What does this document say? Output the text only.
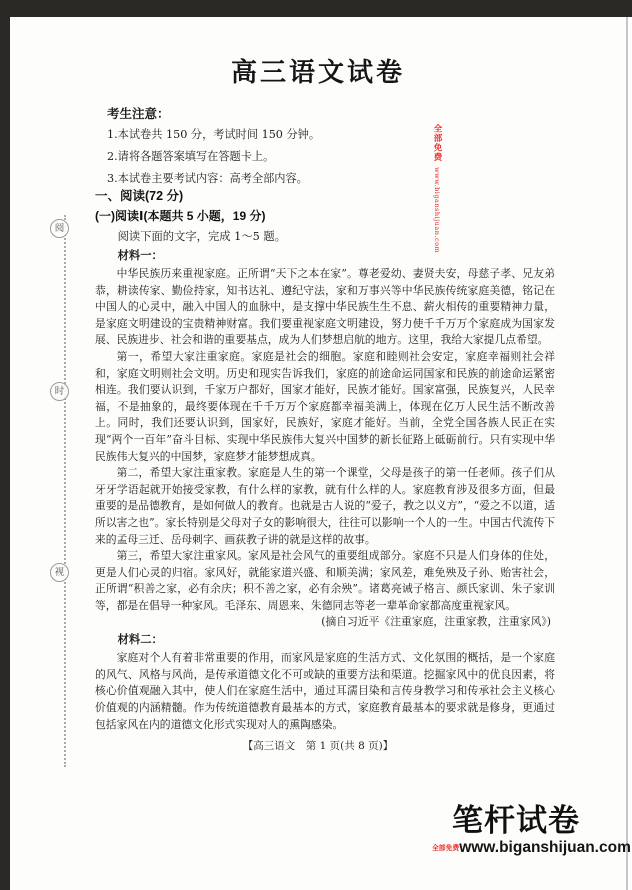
高三语文试卷
考生注意：
1.本试卷共 150 分，考试时间 150 分钟。
2.请将各题答案填写在答题卡上。
3.本试卷主要考试内容：高考全部内容。
一、阅读(72 分)
(一)阅读Ⅰ(本题共 5 小题，19 分)
阅读下面的文字，完成 1～5 题。
材料一：

中华民族历来重视家庭。正所谓“天下之本在家”。尊老爱幼、妻贤夫安，母慈子孝、兄友弟恭，耕读传家、勤俭持家，知书达礼、遵纪守法，家和万事兴等中华民族传统家庭美德，铭记在中国人的心灵中，融入中国人的血脉中，是支撑中华民族生生不息、薪火相传的重要精神力量，是家庭文明建设的宝贵精神财富。我们要重视家庭文明建设，努力使千千万万个家庭成为国家发展、民族进步、社会和谐的重要基点，成为人们梦想启航的地方。这里，我给大家提几点希望。

第一，希望大家注重家庭。家庭是社会的细胞。家庭和睦则社会安定，家庭幸福则社会祥和，家庭文明则社会文明。历史和现实告诉我们，家庭的前途命运同国家和民族的前途命运紧密相连。我们要认识到，千家万户都好，国家才能好，民族才能好。国家富强，民族复兴，人民幸福，不是抽象的，最终要体现在千千万万个家庭都幸福美满上，体现在亿万人民生活不断改善上。同时，我们还要认识到，国家好，民族好，家庭才能好。当前，全党全国各族人民正在实现“两个一百年”奋斗目标、实现中华民族伟大复兴中国梦的新长征路上砥砺前行。只有实现中华民族伟大复兴的中国梦，家庭梦才能梦想成真。

第二，希望大家注重家教。家庭是人生的第一个课堂，父母是孩子的第一任老师。孩子们从牙牙学语起就开始接受家教，有什么样的家教，就有什么样的人。家庭教育涉及很多方面，但最重要的是品德教育，是如何做人的教育。也就是古人说的“爱子，教之以义方”，“爱之不以道，适所以害之也”。家长特别是父母对子女的影响很大，往往可以影响一个人的一生。中国古代流传下来的孟母三迁、岳母刺字、画荻教子讲的就是这样的故事。

第三，希望大家注重家风。家风是社会风气的重要组成部分。家庭不只是人们身体的住处，更是人们心灵的归宿。家风好，就能家道兴盛、和顺美满；家风差，难免殃及子孙、贻害社会，正所谓“积善之家，必有余庆；积不善之家，必有余殃”。诸葛亮诫子格言、颜氏家训、朱子家训等，都是在倡导一种家风。毛泽东、周恩来、朱德同志等老一辈革命家都高度重视家风。

(摘自习近平《注重家庭，注重家教，注重家风》)
材料二：

家庭对个人有着非常重要的作用，而家风是家庭的生活方式、文化氛围的概括，是一个家庭的风气、风格与风尚，是传承道德文化不可或缺的重要方法和渠道。挖掘家风中的优良因素，将核心价值观融入其中，使人们在家庭生活中，通过耳濡目染和言传身教学习和传承社会主义核心价值观的内涵精髓。作为传统道德教育最基本的方式，家庭教育最基本的要求就是修身，更通过包括家风在内的道德文化形式实现对人的熏陶感染。

【高三语文　第 1 页(共 8 页)】
阅
时
视
全部免费 www.biganshijuan.com
笔杆试卷
全部免费 www.biganshijuan.com
